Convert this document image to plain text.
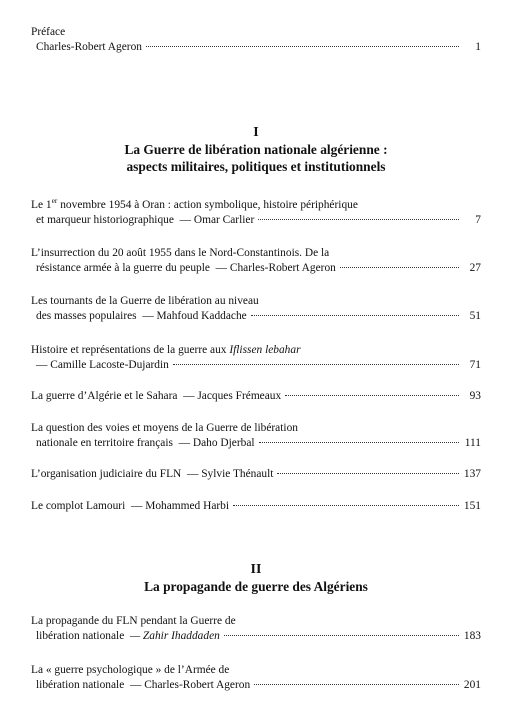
Préface
Charles-Robert Ageron	1
I
La Guerre de libération nationale algérienne :
aspects militaires, politiques et institutionnels
Le 1er novembre 1954 à Oran : action symbolique, histoire périphérique
et marqueur historiographique
— Omar Carlier	7
L’insurrection du 20 août 1955 dans le Nord-Constantinois. De la
résistance armée à la guerre du peuple
— Charles-Robert Ageron	27
Les tournants de la Guerre de libération au niveau
des masses populaires
— Mahfoud Kaddache	51
Histoire et représentations de la guerre aux Iflissen lebahar
— Camille Lacoste-Dujardin	71
La guerre d’Algérie et le Sahara
— Jacques Frémeaux	93
La question des voies et moyens de la Guerre de libération
nationale en territoire français
— Daho Djerbal	111
L’organisation judiciaire du FLN
— Sylvie Thénault	137
Le complot Lamouri
— Mohammed Harbi	151
II
La propagande de guerre des Algériens
La propagande du FLN pendant la Guerre de
libération nationale
— Zahir Ihaddaden	183
La « guerre psychologique » de l’Armée de
libération nationale
— Charles-Robert Ageron	201
